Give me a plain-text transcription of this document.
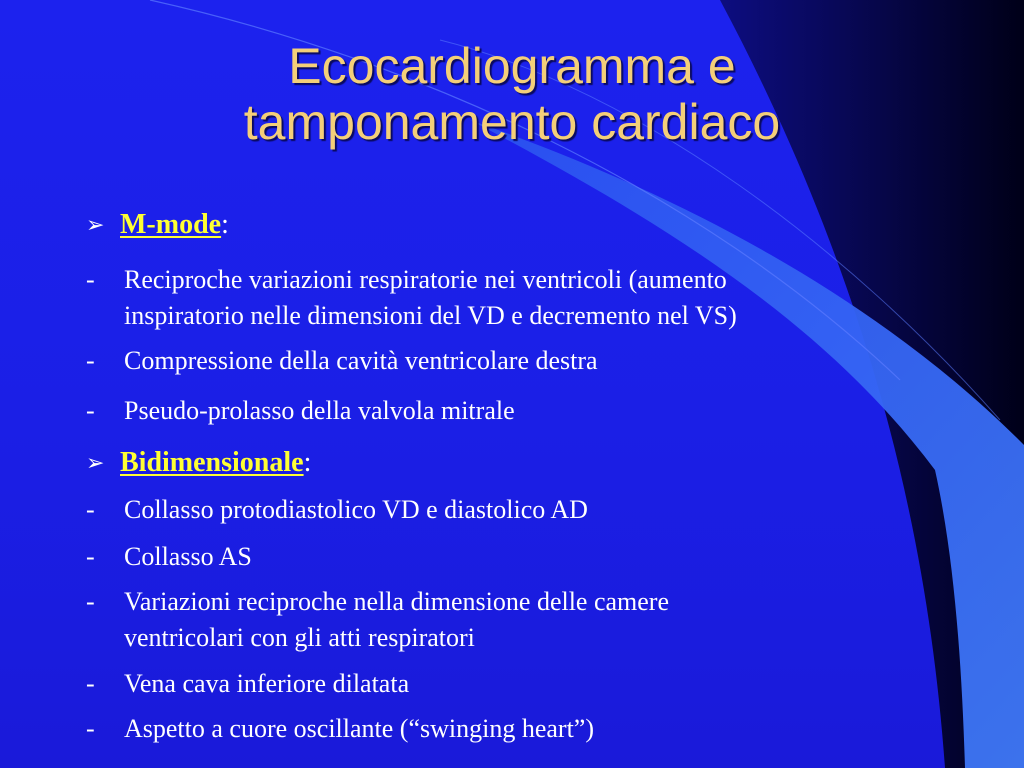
Ecocardiogramma e
tamponamento cardiaco
➢ M-mode:
- Reciproche variazioni respiratorie nei ventricoli (aumento
inspiratorio nelle dimensioni del VD e decremento nel VS)
- Compressione della cavità ventricolare destra
- Pseudo-prolasso della valvola mitrale
➢ Bidimensionale:
- Collasso protodiastolico VD e diastolico AD
- Collasso AS
- Variazioni reciproche nella dimensione delle camere
ventricolari con gli atti respiratori
- Vena cava inferiore dilatata
- Aspetto a cuore oscillante (“swinging heart”)
